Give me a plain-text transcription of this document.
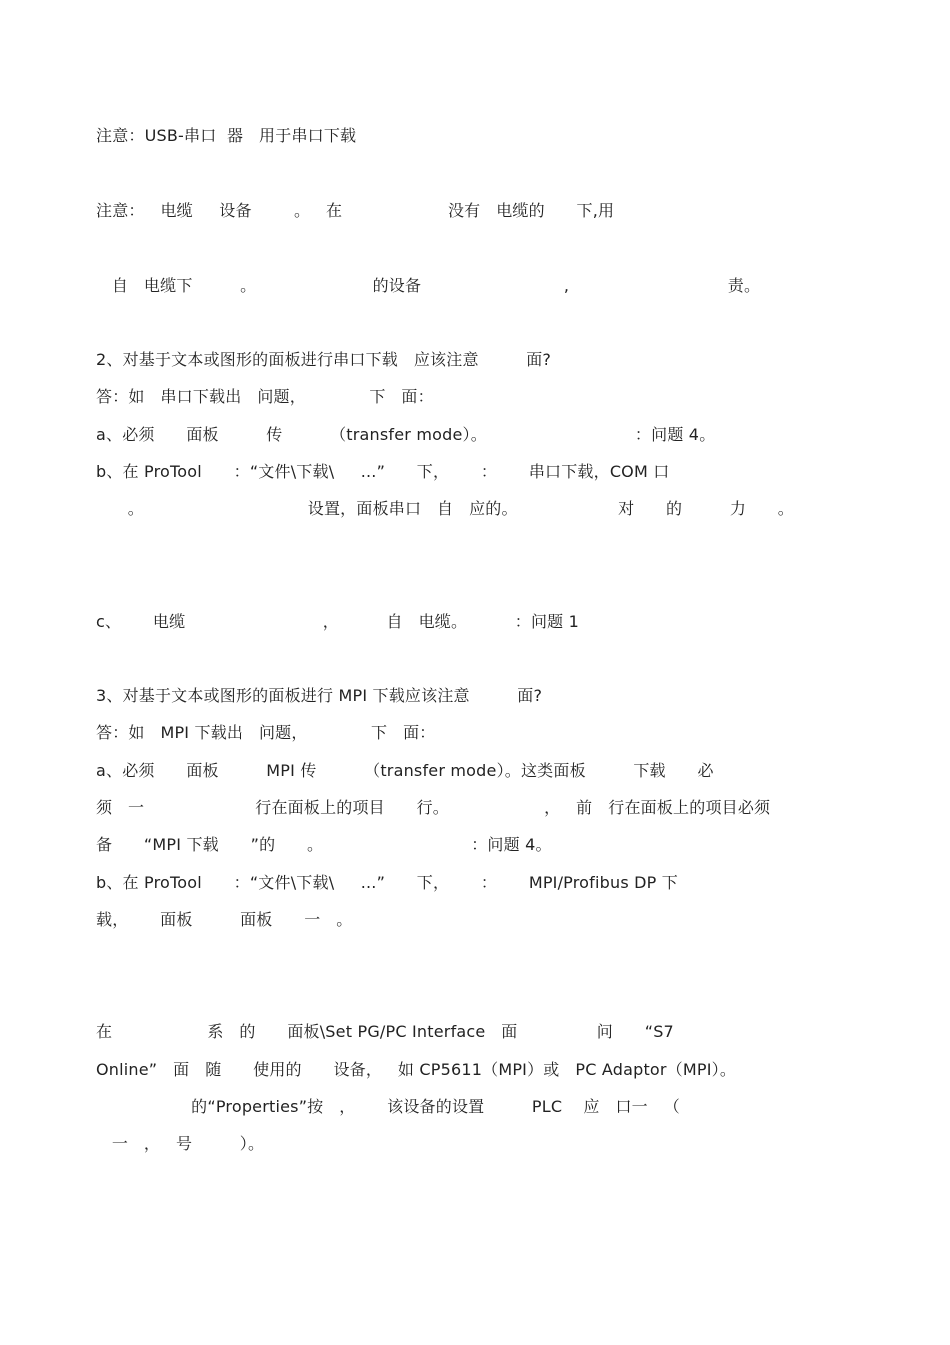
注意：USB-串口  器   用于串口下载
注意：   电缆     设备        。   在                    没有   电缆的      下,用
自   电缆下         。                      的设备                           ,                              责。
2、对基于文本或图形的面板进行串口下载   应该注意         面?
答：如   串口下载出   问题，            下   面：
a、必须      面板         传         （transfer mode）。                            ：问题 4。
b、在 ProTool      ：“文件\下载\     ...”      下，      ：      串口下载，COM 口
。                               设置，面板串口   自   应的。                   对      的         力      。
c、      电缆                          ，         自   电缆。         ：问题 1
3、对基于文本或图形的面板进行 MPI 下载应该注意         面?
答：如   MPI 下载出   问题，            下   面：
a、必须      面板         MPI 传         （transfer mode）。这类面板         下载      必
须   一                     行在面板上的项目      行。                  ，   前   行在面板上的项目必须
备      “MPI 下载      ”的      。                            ：问题 4。
b、在 ProTool      ：“文件\下载\     ...”      下，      ：      MPI/Profibus DP 下
载，      面板         面板      一   。
在                  系   的      面板\Set PG/PC Interface   面               问      “S7
Online”   面   随      使用的      设备，   如 CP5611（MPI）或   PC Adaptor（MPI）。
的“Properties”按   ，      该设备的设置         PLC    应   口一   （
一   ，   号         ）。
